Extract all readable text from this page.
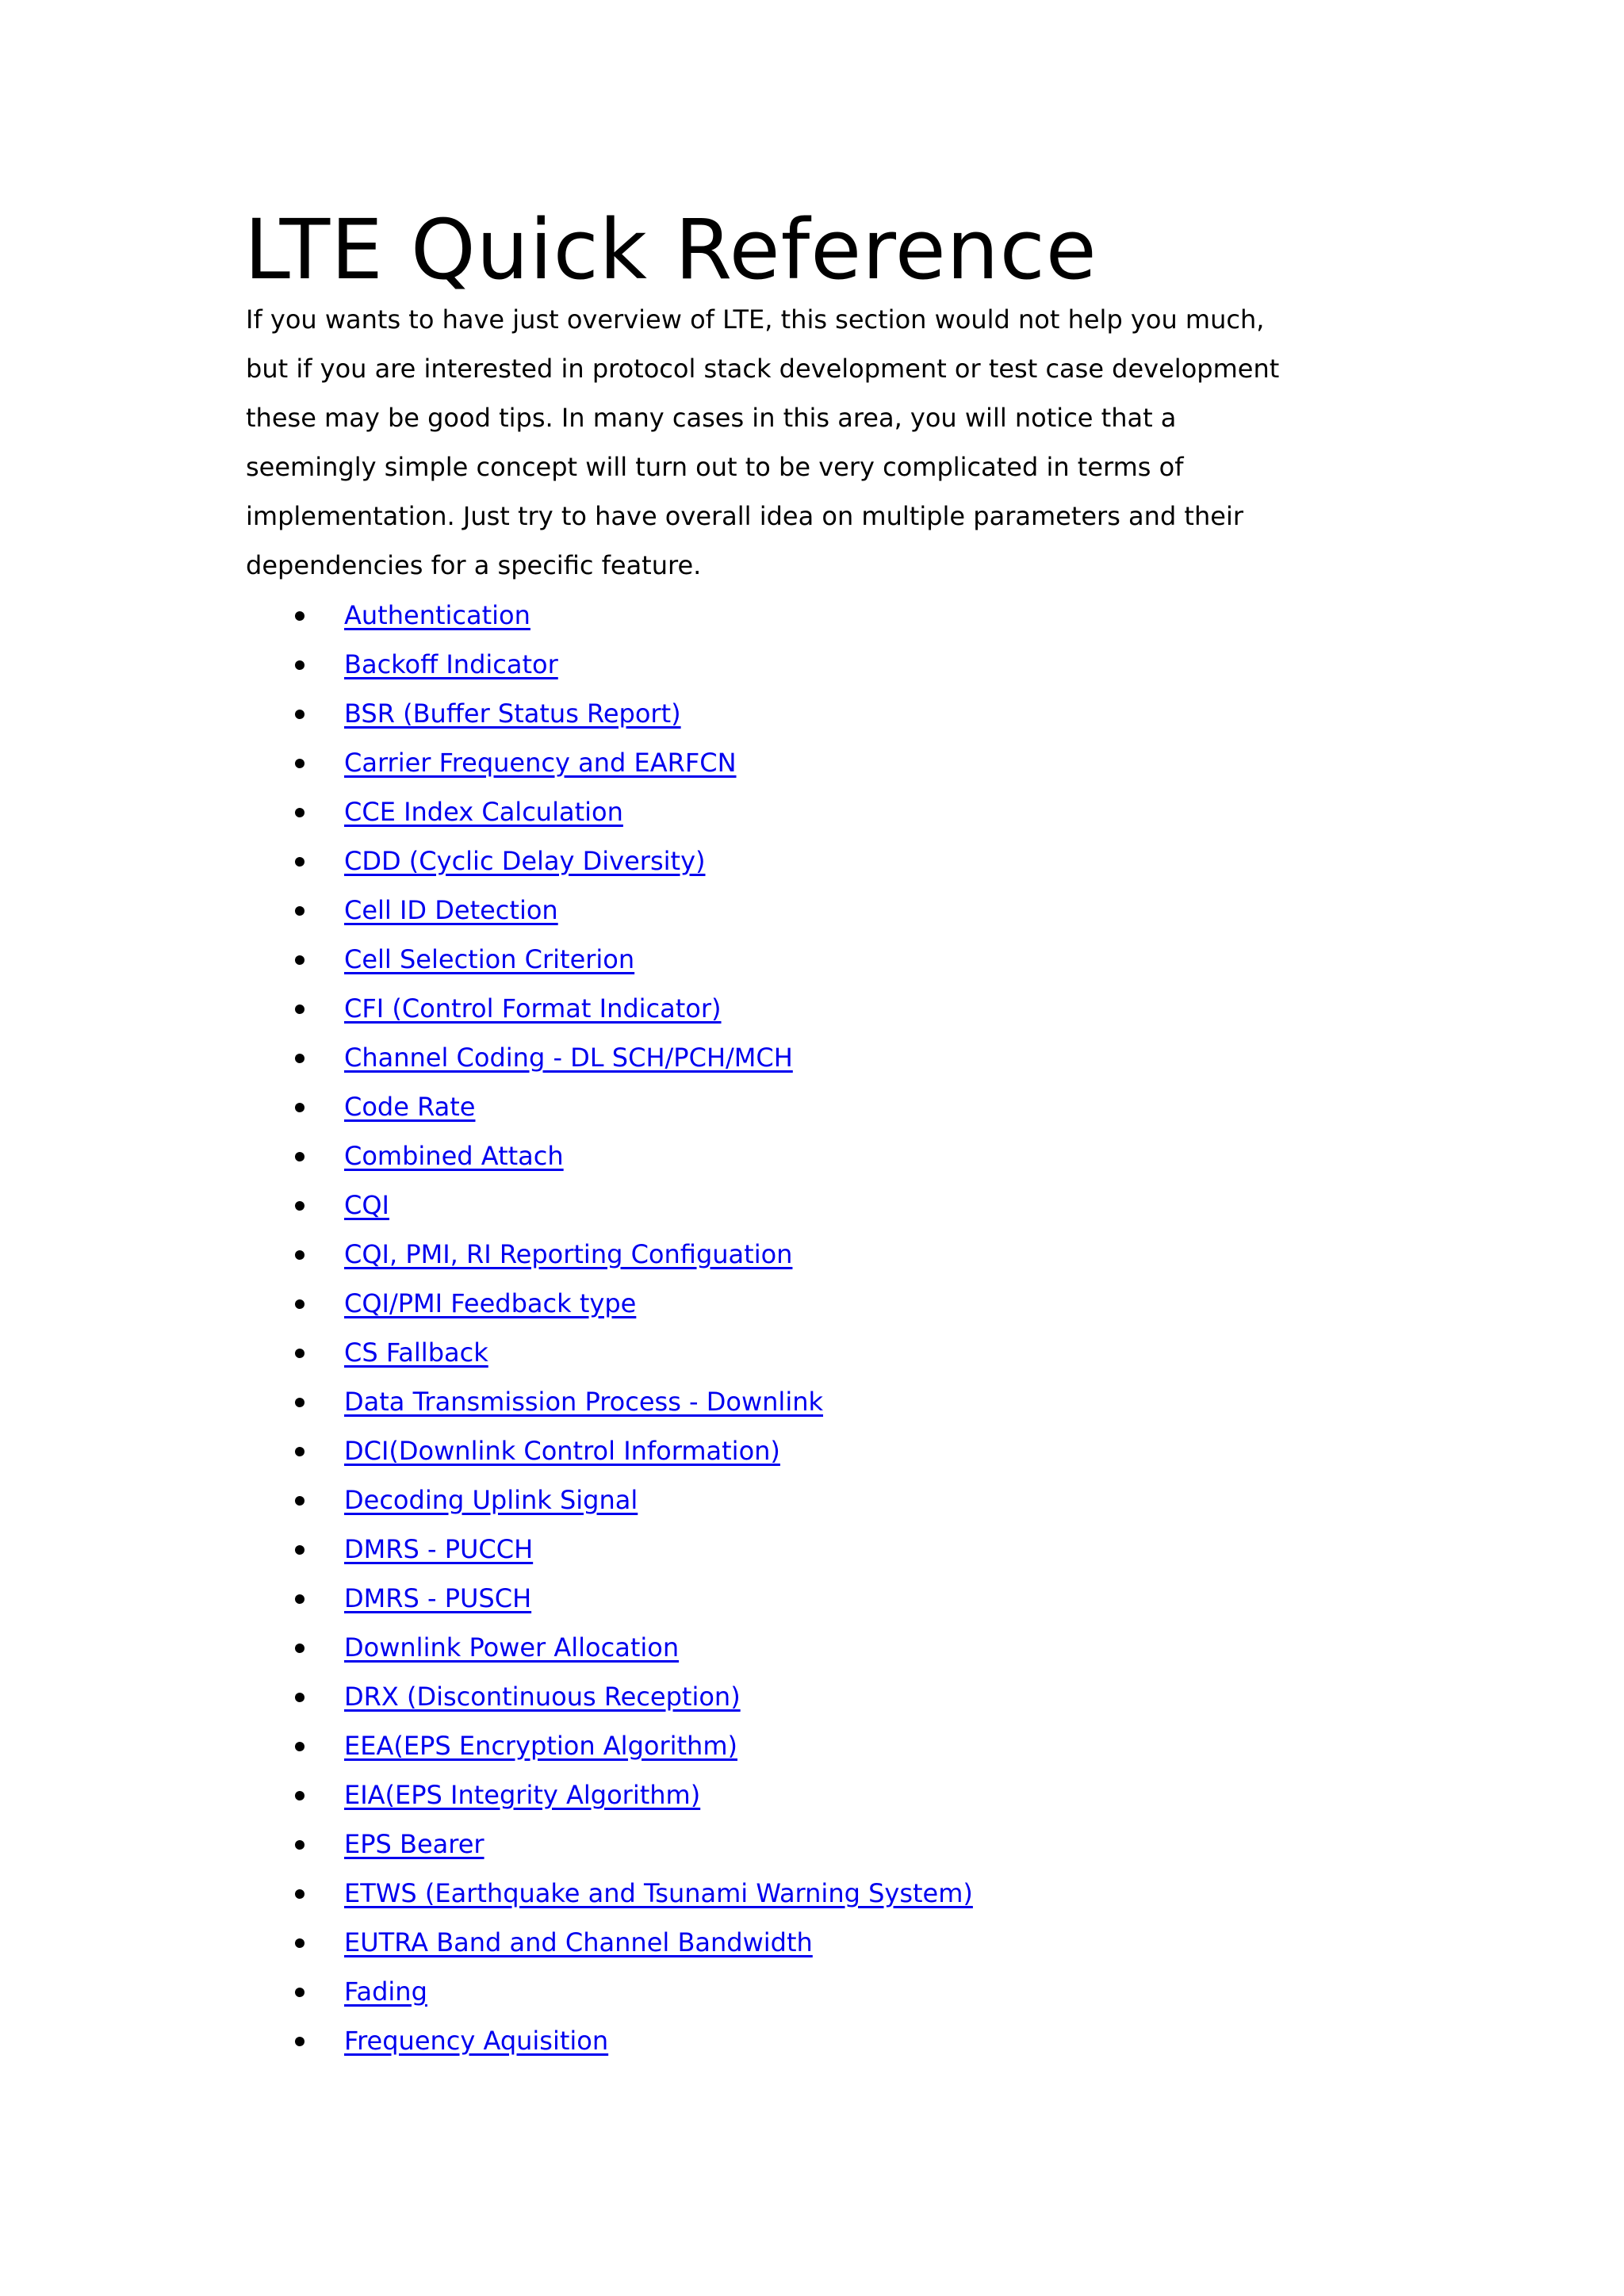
LTE Quick Reference
If you wants to have just overview of LTE, this section would not help you much,
but if you are interested in protocol stack development or test case development
these may be good tips. In many cases in this area, you will notice that a
seemingly simple concept will turn out to be very complicated in terms of
implementation. Just try to have overall idea on multiple parameters and their
dependencies for a specific feature.
Authentication
Backoff Indicator
BSR (Buffer Status Report)
Carrier Frequency and EARFCN
CCE Index Calculation
CDD (Cyclic Delay Diversity)
Cell ID Detection
Cell Selection Criterion
CFI (Control Format Indicator)
Channel Coding - DL SCH/PCH/MCH
Code Rate
Combined Attach
CQI
CQI, PMI, RI Reporting Configuation
CQI/PMI Feedback type
CS Fallback
Data Transmission Process - Downlink
DCI(Downlink Control Information)
Decoding Uplink Signal
DMRS - PUCCH
DMRS - PUSCH
Downlink Power Allocation
DRX (Discontinuous Reception)
EEA(EPS Encryption Algorithm)
EIA(EPS Integrity Algorithm)
EPS Bearer
ETWS (Earthquake and Tsunami Warning System)
EUTRA Band and Channel Bandwidth
Fading
Frequency Aquisition
